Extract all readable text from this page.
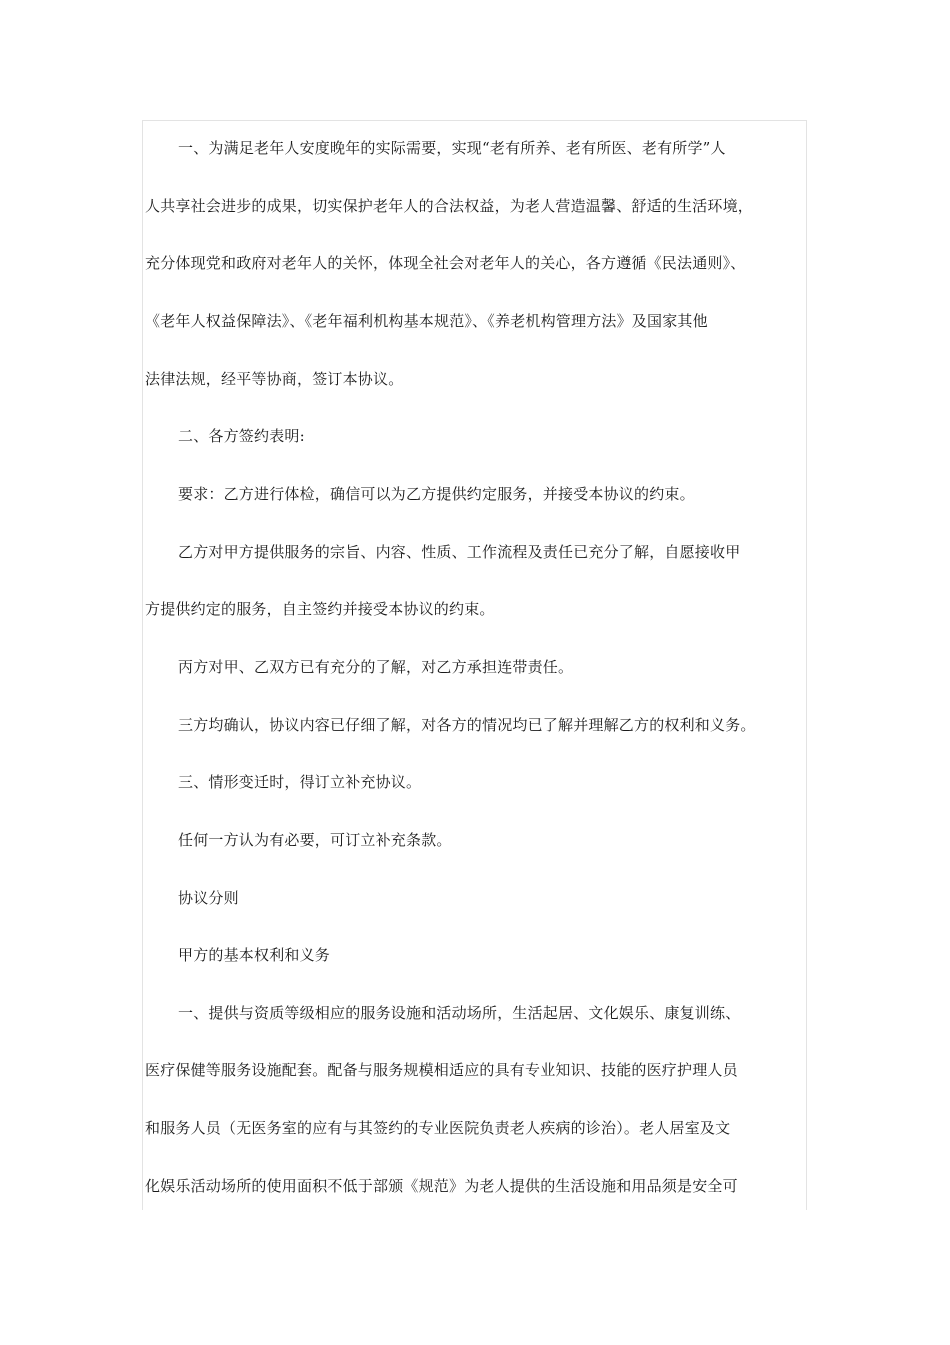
一、为满足老年人安度晚年的实际需要，实现“老有所养、老有所医、老有所学”人
人共享社会进步的成果，切实保护老年人的合法权益，为老人营造温馨、舒适的生活环境，
充分体现党和政府对老年人的关怀，体现全社会对老年人的关心，各方遵循《民法通则》、
《老年人权益保障法》、《老年福利机构基本规范》、《养老机构管理方法》及国家其他
法律法规，经平等协商，签订本协议。
二、各方签约表明:
要求：乙方进行体检，确信可以为乙方提供约定服务，并接受本协议的约束。
乙方对甲方提供服务的宗旨、内容、性质、工作流程及责任已充分了解，自愿接收甲
方提供约定的服务，自主签约并接受本协议的约束。
丙方对甲、乙双方已有充分的了解，对乙方承担连带责任。
三方均确认，协议内容已仔细了解，对各方的情况均已了解并理解乙方的权利和义务。
三、情形变迁时，得订立补充协议。
任何一方认为有必要，可订立补充条款。
协议分则
甲方的基本权利和义务
一、提供与资质等级相应的服务设施和活动场所，生活起居、文化娱乐、康复训练、
医疗保健等服务设施配套。配备与服务规模相适应的具有专业知识、技能的医疗护理人员
和服务人员（无医务室的应有与其签约的专业医院负责老人疾病的诊治）。老人居室及文
化娱乐活动场所的使用面积不低于部颁《规范》为老人提供的生活设施和用品须是安全可
